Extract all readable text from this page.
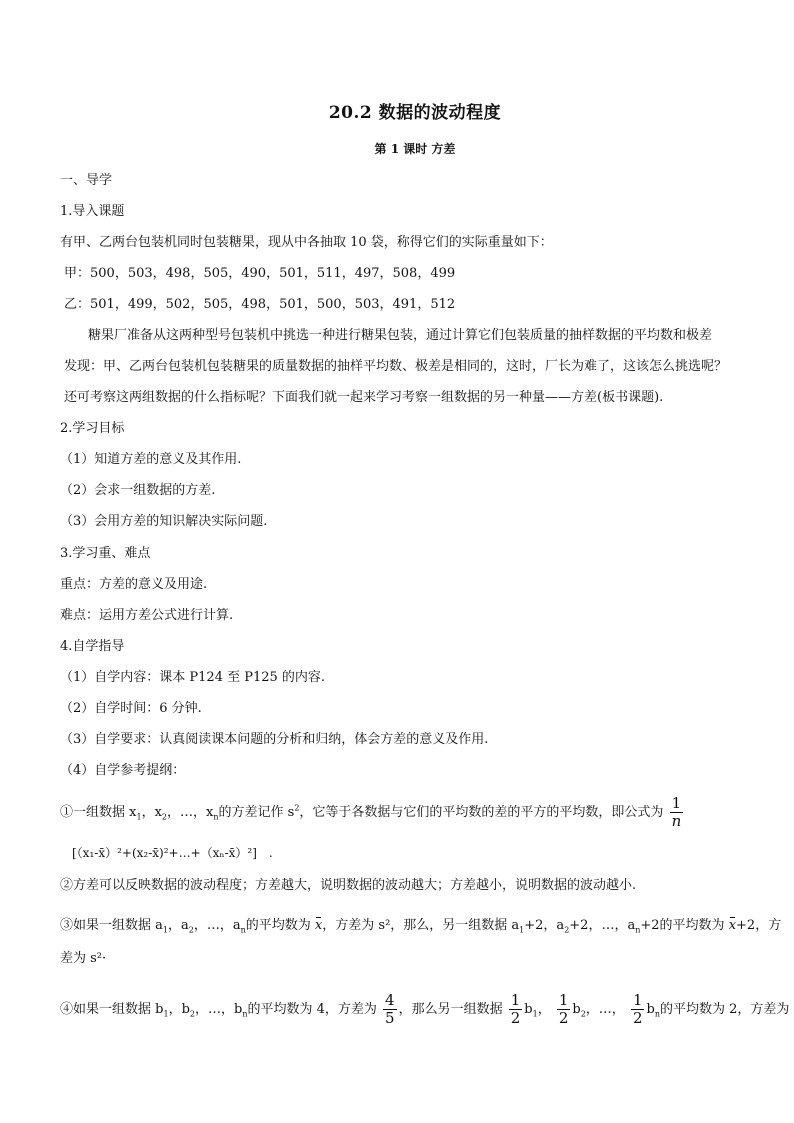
20.2 数据的波动程度
第 1 课时 方差
一、导学
1.导入课题
有甲、乙两台包装机同时包装糖果，现从中各抽取 10 袋，称得它们的实际重量如下：
甲：500，503，498，505，490，501，511，497，508，499
乙：501，499，502，505，498，501，500，503，491，512
糖果厂准备从这两种型号包装机中挑选一种进行糖果包装，通过计算它们包装质量的抽样数据的平均数和极差
发现：甲、乙两台包装机包装糖果的质量数据的抽样平均数、极差是相同的，这时，厂长为难了，这该怎么挑选呢？
还可考察这两组数据的什么指标呢？下面我们就一起来学习考察一组数据的另一种量——方差(板书课题).
2.学习目标
（1）知道方差的意义及其作用.
（2）会求一组数据的方差.
（3）会用方差的知识解决实际问题.
3.学习重、难点
重点：方差的意义及用途.
难点：运用方差公式进行计算.
4.自学指导
（1）自学内容：课本 P124 至 P125 的内容.
（2）自学时间：6 分钟.
（3）自学要求：认真阅读课本问题的分析和归纳，体会方差的意义及作用.
（4）自学参考提纲：
①一组数据 $x_1$，$x_2$，…，$x_n$的方差记作 $s^2$，它等于各数据与它们的平均数的差的平方的平均数，即公式为 $\frac{1}{n}$
[（x₁-x̄）²+(x₂-x̄)²+…+（xₙ-x̄）²]　.
②方差可以反映数据的波动程度；方差越大，说明数据的波动越大；方差越小，说明数据的波动越小.
③如果一组数据 $a_1$，$a_2$，…，$a_n$的平均数为 x，方差为 s²，那么，另一组数据 $a_1+2$，$a_2+2$，…，$a_n+2$的平均数为 x+2，方
差为 s²·
④如果一组数据 $b_1$，$b_2$，…，$b_n$的平均数为 4，方差为 $\frac{4}{5}$ ，那么另一组数据 $\frac{1}{2} b_1$， $\frac{1}{2} b_2$，…， $\frac{1}{2} b_n$的平均数为 2，方差为
